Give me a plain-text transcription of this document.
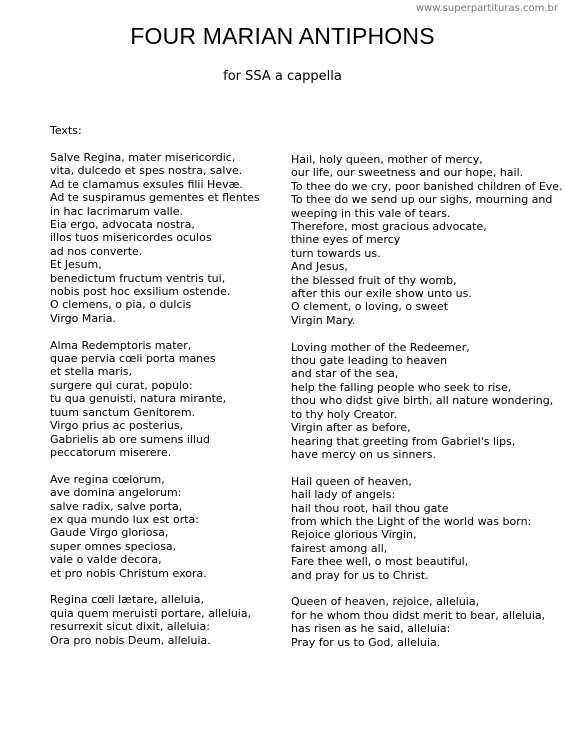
www.superpartituras.com.br
FOUR MARIAN ANTIPHONS
for SSA a cappella
Texts:
Salve Regina, mater misericordic,
vita, dulcedo et spes nostra, salve.
Ad te clamamus exsules filii Hevæ.
Ad te suspiramus gementes et flentes
in hac lacrimarum valle.
Eia ergo, advocata nostra,
illos tuos misericordes oculos
ad nos converte.
Et Jesum,
benedictum fructum ventris tui,
nobis post hoc exsilium ostende.
O clemens, o pia, o dulcis
Virgo Maria.
Alma Redemptoris mater,
quae pervia cœli porta manes
et stella maris,
surgere qui curat, populo:
tu qua genuisti, natura mirante,
tuum sanctum Genitorem.
Virgo prius ac posterius,
Gabrielis ab ore sumens illud
peccatorum miserere.
Ave regina cœlorum,
ave domina angelorum:
salve radix, salve porta,
ex qua mundo lux est orta:
Gaude Virgo gloriosa,
super omnes speciosa,
vale o valde decora,
et pro nobis Christum exora.
Regina cœli lætare, alleluia,
quia quem meruisti portare, alleluia,
resurrexit sicut dixit, alleluia:
Ora pro nobis Deum, alleluia.
Hail, holy queen, mother of mercy,
our life, our sweetness and our hope, hail.
To thee do we cry, poor banished children of Eve.
To thee do we send up our sighs, mourning and
weeping in this vale of tears.
Therefore, most gracious advocate,
thine eyes of mercy
turn towards us.
And Jesus,
the blessed fruit of thy womb,
after this our exile show unto us.
O clement, o loving, o sweet
Virgin Mary.
Loving mother of the Redeemer,
thou gate leading to heaven
and star of the sea,
help the falling people who seek to rise,
thou who didst give birth, all nature wondering,
to thy holy Creator.
Virgin after as before,
hearing that greeting from Gabriel's lips,
have mercy on us sinners.
Hail queen of heaven,
hail lady of angels:
hail thou root, hail thou gate
from which the Light of the world was born:
Rejoice glorious Virgin,
fairest among all,
Fare thee well, o most beautiful,
and pray for us to Christ.
Queen of heaven, rejoice, alleluia,
for he whom thou didst merit to bear, alleluia,
has risen as he said, alleluia:
Pray for us to God, alleluia.
